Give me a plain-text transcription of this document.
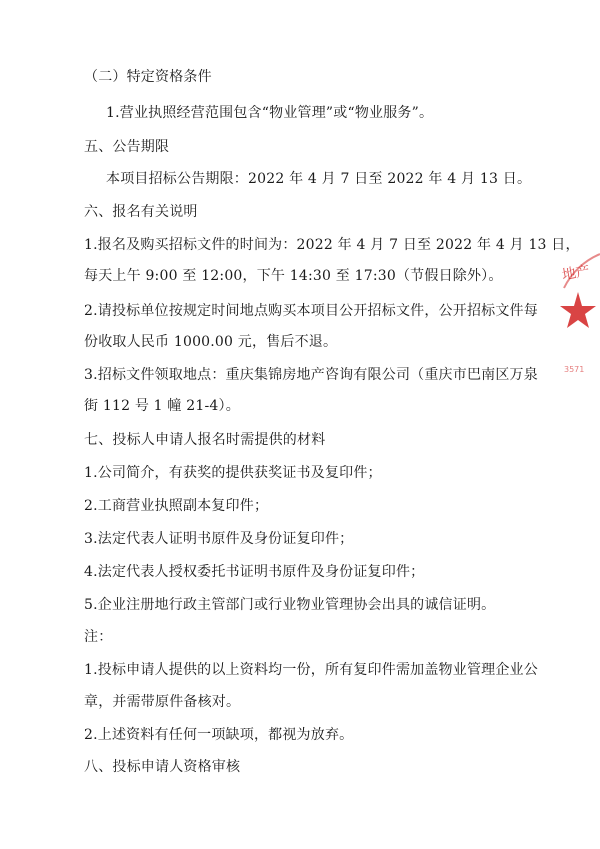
（二）特定资格条件
1.营业执照经营范围包含“物业管理”或“物业服务”。
五、公告期限
本项目招标公告期限：2022 年 4 月 7 日至 2022 年 4 月 13 日。
六、报名有关说明
1.报名及购买招标文件的时间为：2022 年 4 月 7 日至 2022 年 4 月 13 日，
每天上午 9:00 至 12:00，下午 14:30 至 17:30（节假日除外）。
2.请投标单位按规定时间地点购买本项目公开招标文件，公开招标文件每
份收取人民币 1000.00 元，售后不退。
3.招标文件领取地点：重庆集锦房地产咨询有限公司（重庆市巴南区万泉
街 112 号 1 幢 21-4）。
七、投标人申请人报名时需提供的材料
1.公司简介，有获奖的提供获奖证书及复印件；
2.工商营业执照副本复印件；
3.法定代表人证明书原件及身份证复印件；
4.法定代表人授权委托书证明书原件及身份证复印件；
5.企业注册地行政主管部门或行业物业管理协会出具的诚信证明。
注：
1.投标申请人提供的以上资料均一份，所有复印件需加盖物业管理企业公
章，并需带原件备核对。
2.上述资料有任何一项缺项，都视为放弃。
八、投标申请人资格审核
地产
3571
